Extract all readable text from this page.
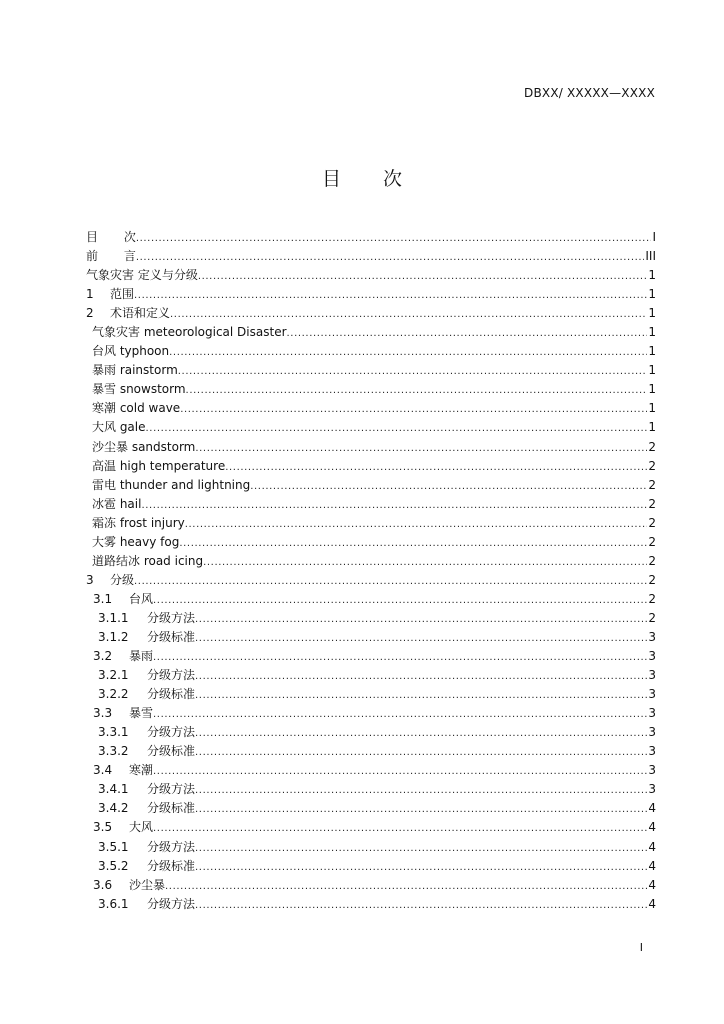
DBXX/ XXXXX—XXXX
目 次
目 次 .....	I
前 言 .....	III
气象灾害 定义与分级 .....	1
1	范围 .....	1
2	术语和定义 .....	1
气象灾害 meteorological Disaster .....	1
台风 typhoon .....	1
暴雨 rainstorm .....	1
暴雪 snowstorm .....	1
寒潮 cold wave .....	1
大风 gale .....	1
沙尘暴 sandstorm .....	2
高温 high temperature .....	2
雷电 thunder and lightning .....	2
冰雹 hail .....	2
霜冻 frost injury .....	2
大雾 heavy fog .....	2
道路结冰 road icing .....	2
3	分级 .....	2
3.1	台风 .....	2
3.1.1	分级方法 .....	2
3.1.2	分级标准 .....	3
3.2	暴雨 .....	3
3.2.1	分级方法 .....	3
3.2.2	分级标准 .....	3
3.3	暴雪 .....	3
3.3.1	分级方法 .....	3
3.3.2	分级标准 .....	3
3.4	寒潮 .....	3
3.4.1	分级方法 .....	3
3.4.2	分级标准 .....	4
3.5	大风 .....	4
3.5.1	分级方法 .....	4
3.5.2	分级标准 .....	4
3.6	沙尘暴 .....	4
3.6.1	分级方法 .....	4
I
